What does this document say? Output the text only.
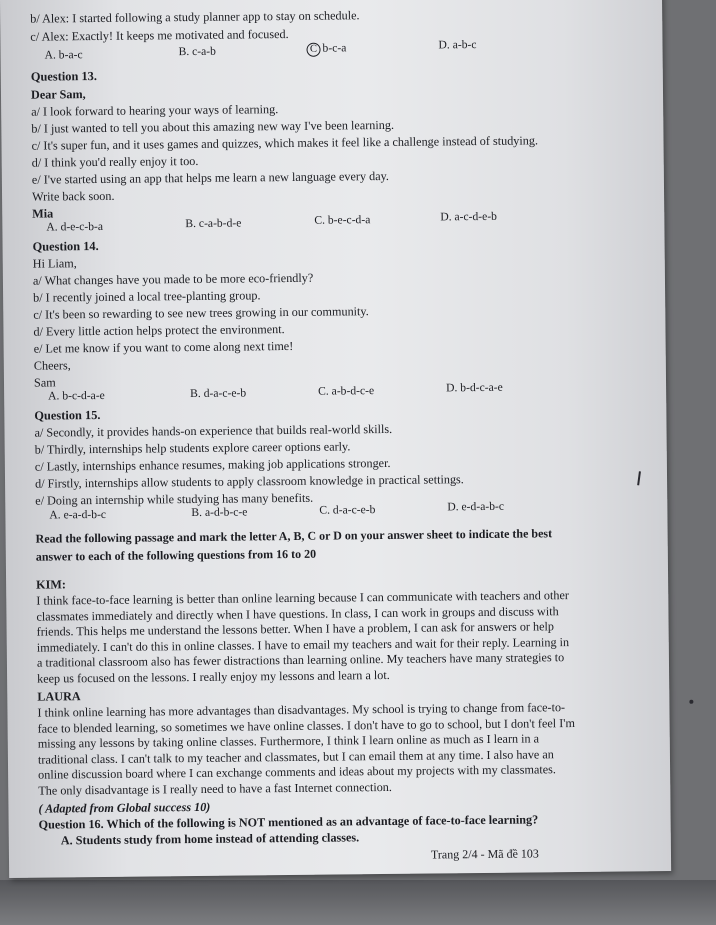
b/ Alex: I started following a study planner app to stay on schedule.
c/ Alex: Exactly! It keeps me motivated and focused.
A. b-a-c	B. c-a-b	C b-c-a	D. a-b-c
Question 13.
Dear Sam,
a/ I look forward to hearing your ways of learning.
b/ I just wanted to tell you about this amazing new way I've been learning.
c/ It's super fun, and it uses games and quizzes, which makes it feel like a challenge instead of studying.
d/ I think you'd really enjoy it too.
e/ I've started using an app that helps me learn a new language every day.
Write back soon.
Mia
A. d-e-c-b-a	B. c-a-b-d-e	C. b-e-c-d-a	D. a-c-d-e-b
Question 14.
Hi Liam,
a/ What changes have you made to be more eco-friendly?
b/ I recently joined a local tree-planting group.
c/ It's been so rewarding to see new trees growing in our community.
d/ Every little action helps protect the environment.
e/ Let me know if you want to come along next time!
Cheers,
Sam
A. b-c-d-a-e	B. d-a-c-e-b	C. a-b-d-c-e	D. b-d-c-a-e
Question 15.
a/ Secondly, it provides hands-on experience that builds real-world skills.
b/ Thirdly, internships help students explore career options early.
c/ Lastly, internships enhance resumes, making job applications stronger.
d/ Firstly, internships allow students to apply classroom knowledge in practical settings.
e/ Doing an internship while studying has many benefits.
A. e-a-d-b-c	B. a-d-b-c-e	C. d-a-c-e-b	D. e-d-a-b-c
Read the following passage and mark the letter A, B, C or D on your answer sheet to indicate the best
answer to each of the following questions from 16 to 20
KIM:
I think face-to-face learning is better than online learning because I can communicate with teachers and other
classmates immediately and directly when I have questions. In class, I can work in groups and discuss with
friends. This helps me understand the lessons better. When I have a problem, I can ask for answers or help
immediately. I can't do this in online classes. I have to email my teachers and wait for their reply. Learning in
a traditional classroom also has fewer distractions than learning online. My teachers have many strategies to
keep us focused on the lessons. I really enjoy my lessons and learn a lot.
LAURA
I think online learning has more advantages than disadvantages. My school is trying to change from face-to-
face to blended learning, so sometimes we have online classes. I don't have to go to school, but I don't feel I'm
missing any lessons by taking online classes. Furthermore, I think I learn online as much as I learn in a
traditional class. I can't talk to my teacher and classmates, but I can email them at any time. I also have an
online discussion board where I can exchange comments and ideas about my projects with my classmates.
The only disadvantage is I really need to have a fast Internet connection.
( Adapted from Global success 10)
Question 16. Which of the following is NOT mentioned as an advantage of face-to-face learning?
A. Students study from home instead of attending classes.
Trang 2/4 - Mã đề 103
